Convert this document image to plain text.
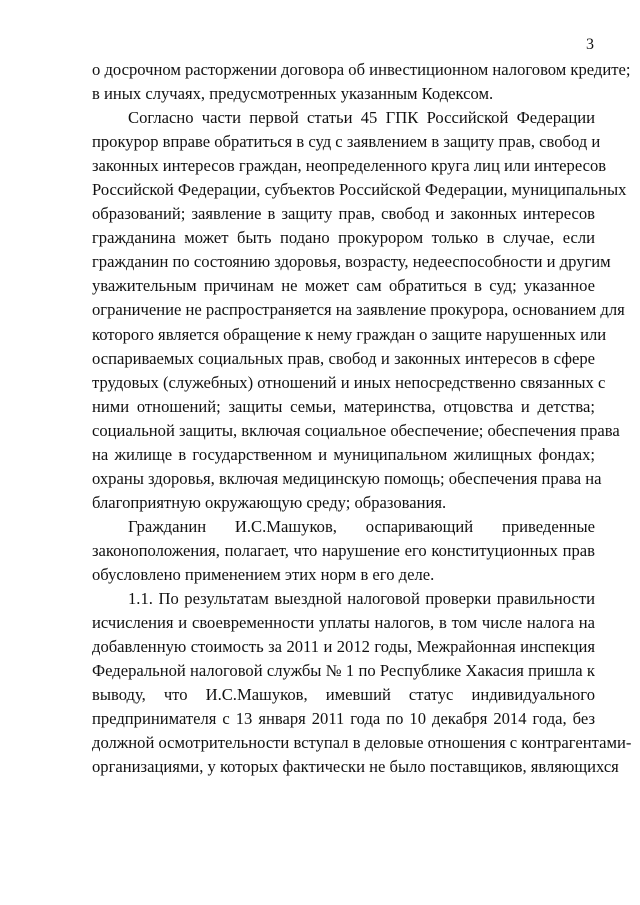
3
о досрочном расторжении договора об инвестиционном налоговом кредите;
в иных случаях, предусмотренных указанным Кодексом.
Согласно части первой статьи 45 ГПК Российской Федерации
прокурор вправе обратиться в суд с заявлением в защиту прав, свобод и
законных интересов граждан, неопределенного круга лиц или интересов
Российской Федерации, субъектов Российской Федерации, муниципальных
образований; заявление в защиту прав, свобод и законных интересов
гражданина может быть подано прокурором только в случае, если
гражданин по состоянию здоровья, возрасту, недееспособности и другим
уважительным причинам не может сам обратиться в суд; указанное
ограничение не распространяется на заявление прокурора, основанием для
которого является обращение к нему граждан о защите нарушенных или
оспариваемых социальных прав, свобод и законных интересов в сфере
трудовых (служебных) отношений и иных непосредственно связанных с
ними отношений; защиты семьи, материнства, отцовства и детства;
социальной защиты, включая социальное обеспечение; обеспечения права
на жилище в государственном и муниципальном жилищных фондах;
охраны здоровья, включая медицинскую помощь; обеспечения права на
благоприятную окружающую среду; образования.
Гражданин И.С.Машуков, оспаривающий приведенные
законоположения, полагает, что нарушение его конституционных прав
обусловлено применением этих норм в его деле.
1.1. По результатам выездной налоговой проверки правильности
исчисления и своевременности уплаты налогов, в том числе налога на
добавленную стоимость за 2011 и 2012 годы, Межрайонная инспекция
Федеральной налоговой службы № 1 по Республике Хакасия пришла к
выводу, что И.С.Машуков, имевший статус индивидуального
предпринимателя с 13 января 2011 года по 10 декабря 2014 года, без
должной осмотрительности вступал в деловые отношения с контрагентами-
организациями, у которых фактически не было поставщиков, являющихся
